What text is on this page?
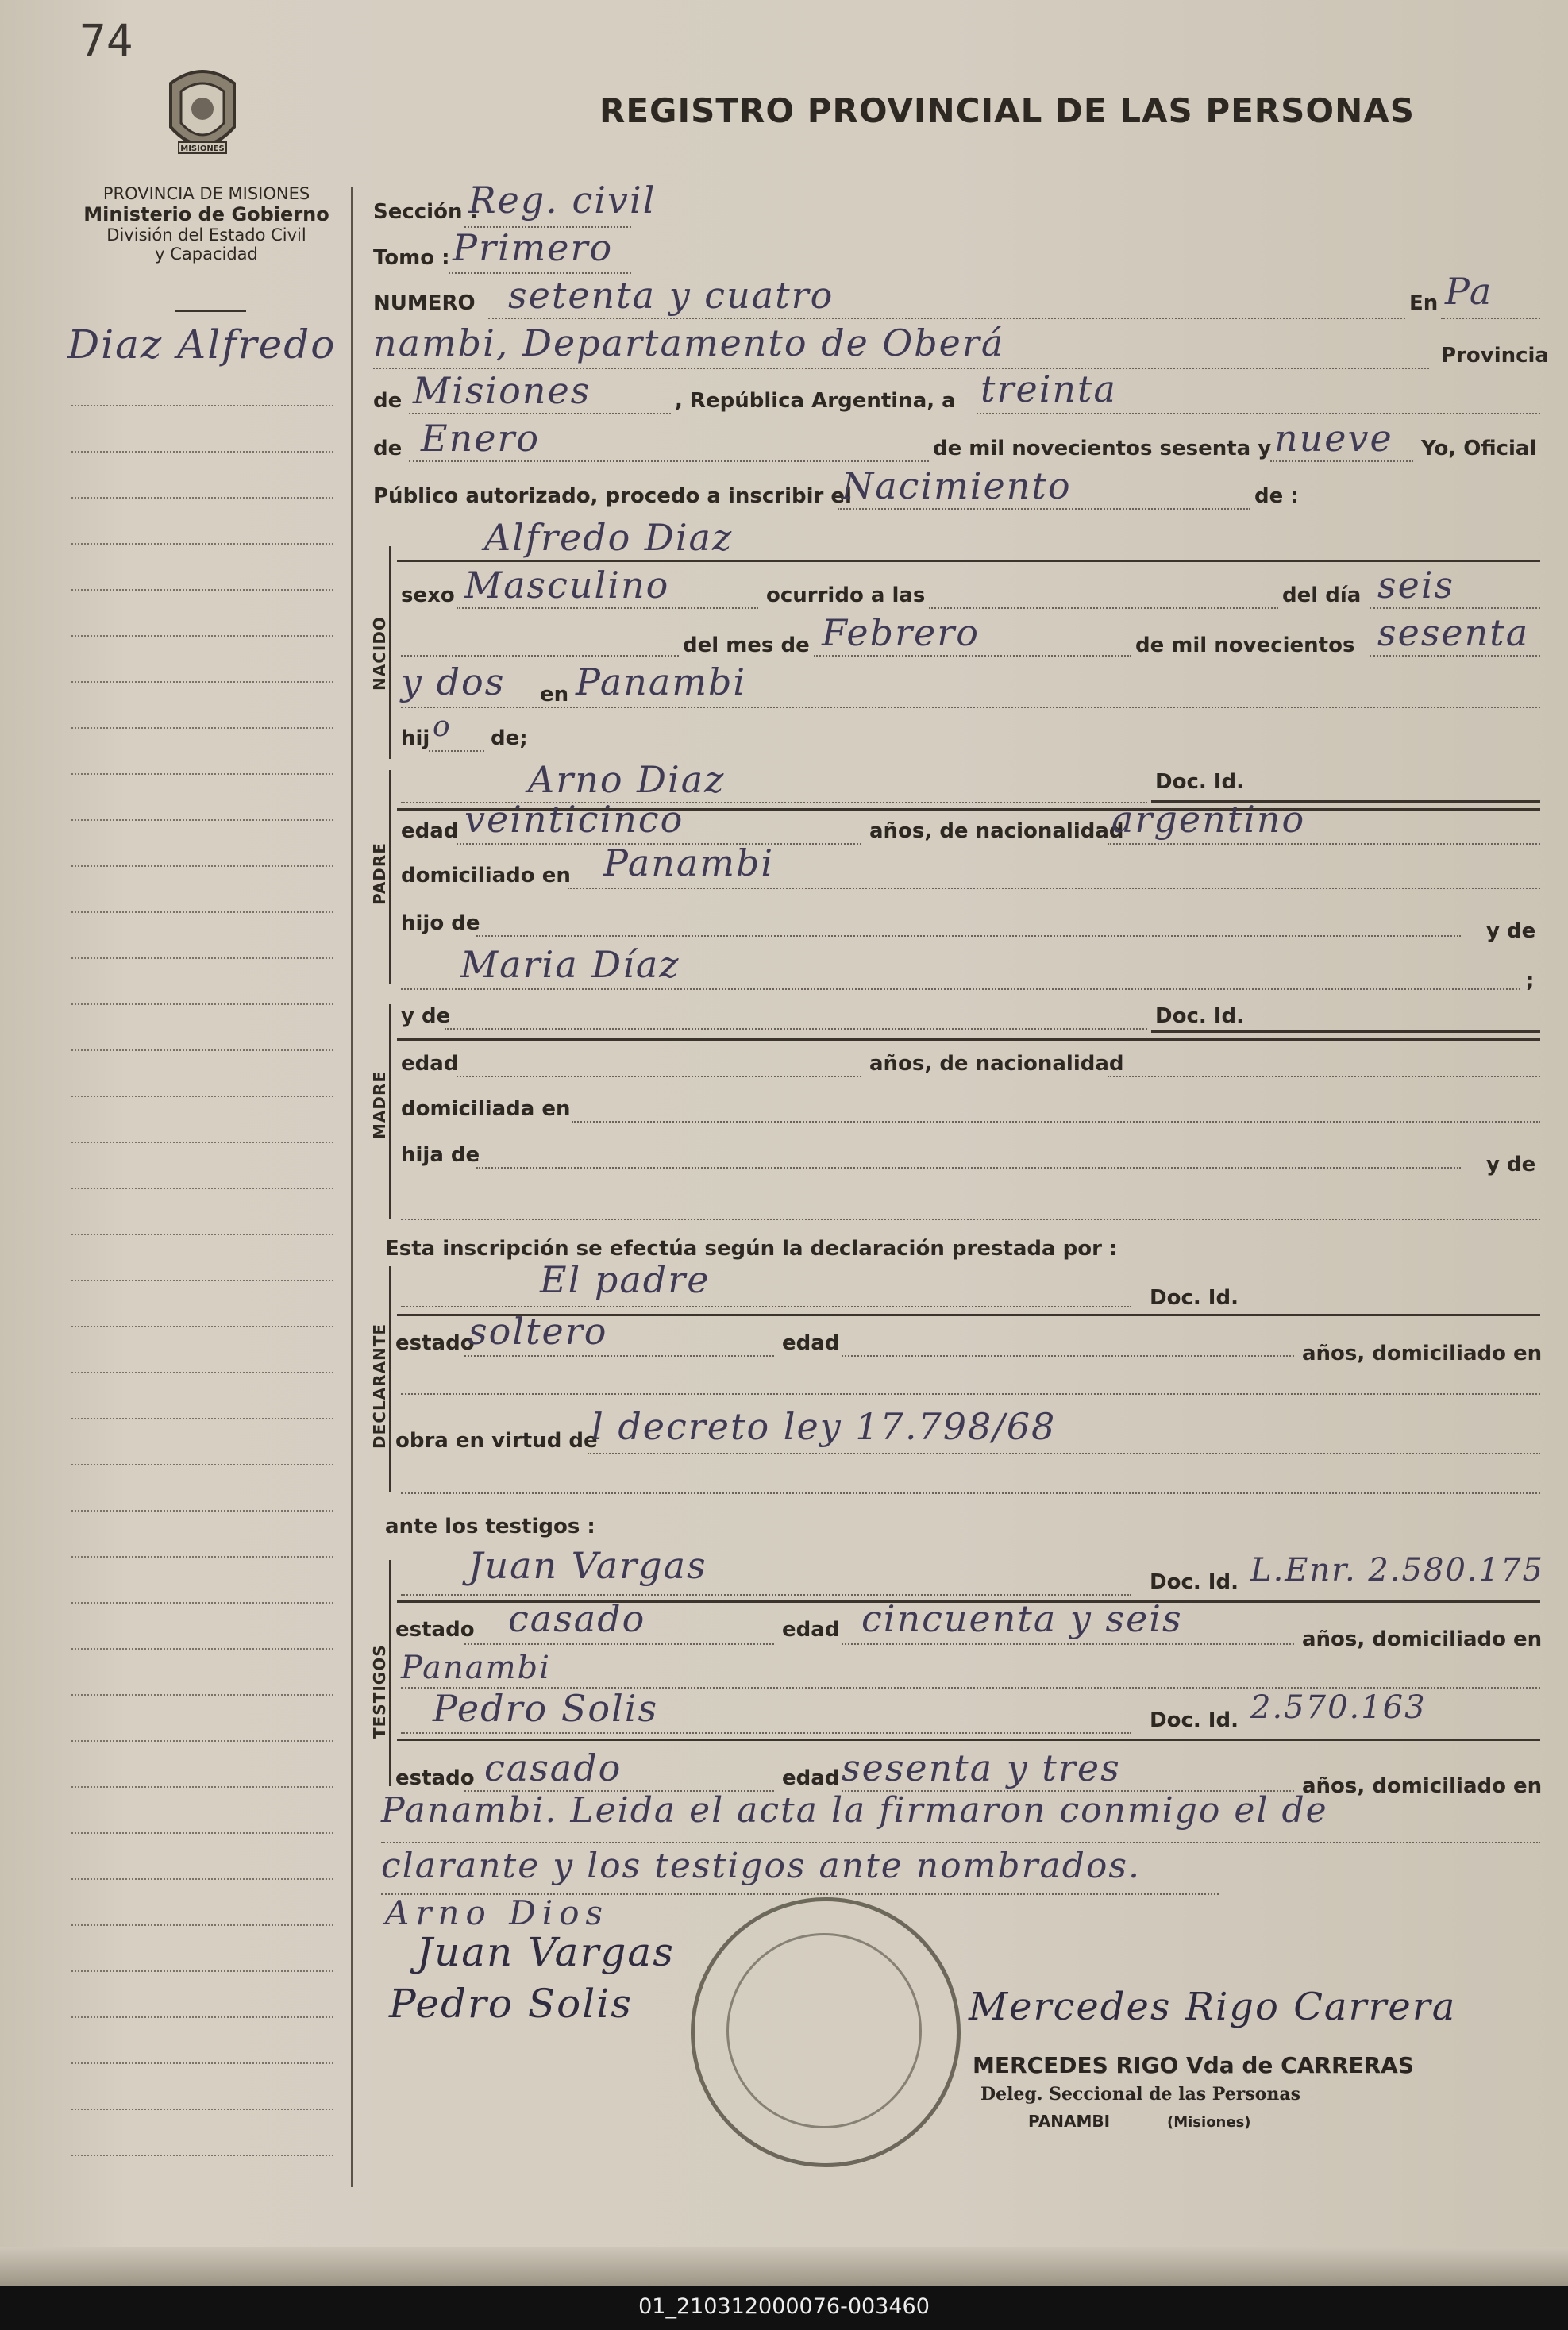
74
MISIONES
REGISTRO PROVINCIAL DE LAS PERSONAS
PROVINCIA DE MISIONES
Ministerio de Gobierno
División del Estado Civil
y Capacidad
Diaz Alfredo
Sección :
Reg. civil
Tomo : Primero
NUMERO setenta y cuatro	En Pa
nambi, Departamento de Oberá	Provincia
de Misiones	, República Argentina, a treinta
de Enero	de mil novecientos sesenta y nueve Yo, Oficial
Público autorizado, procedo a inscribir el
Nacimiento	de :
NACIDO
Alfredo Diaz
sexo Masculino	ocurrido a las	del día seis
del mes de Febrero	de mil novecientos sesenta
y dos en Panambi
hij o de;
PADRE
Arno Diaz	Doc. Id.
edad veinticinco	años, de nacionalidad
argentino
domiciliado en Panambi
hijo de	y de
Maria Díaz	;
MADRE
y de	Doc. Id.
edad	años, de nacionalidad
domiciliada en
hija de	y de
Esta inscripción se efectúa según la declaración prestada por :
DECLARANTE
El padre	Doc. Id.
estado
soltero	edad	años, domiciliado en
obra en virtud de
l decreto ley 17.798/68
ante los testigos :
TESTIGOS
Juan Vargas	Doc. Id. L.Enr. 2.580.175
estado casado	edad cincuenta y seis	años, domiciliado en
Panambi
Pedro Solis	Doc. Id. 2.570.163
estado casado	edad sesenta y tres	años, domiciliado en
Panambi. Leida el acta la firmaron conmigo el de
clarante y los testigos ante nombrados.
Arno Dios
Juan Vargas
Pedro Solis	Mercedes Rigo Carrera
MERCEDES RIGO Vda de CARRERAS
Deleg. Seccional de las Personas
PANAMBI	(Misiones)
01_210312000076-003460
